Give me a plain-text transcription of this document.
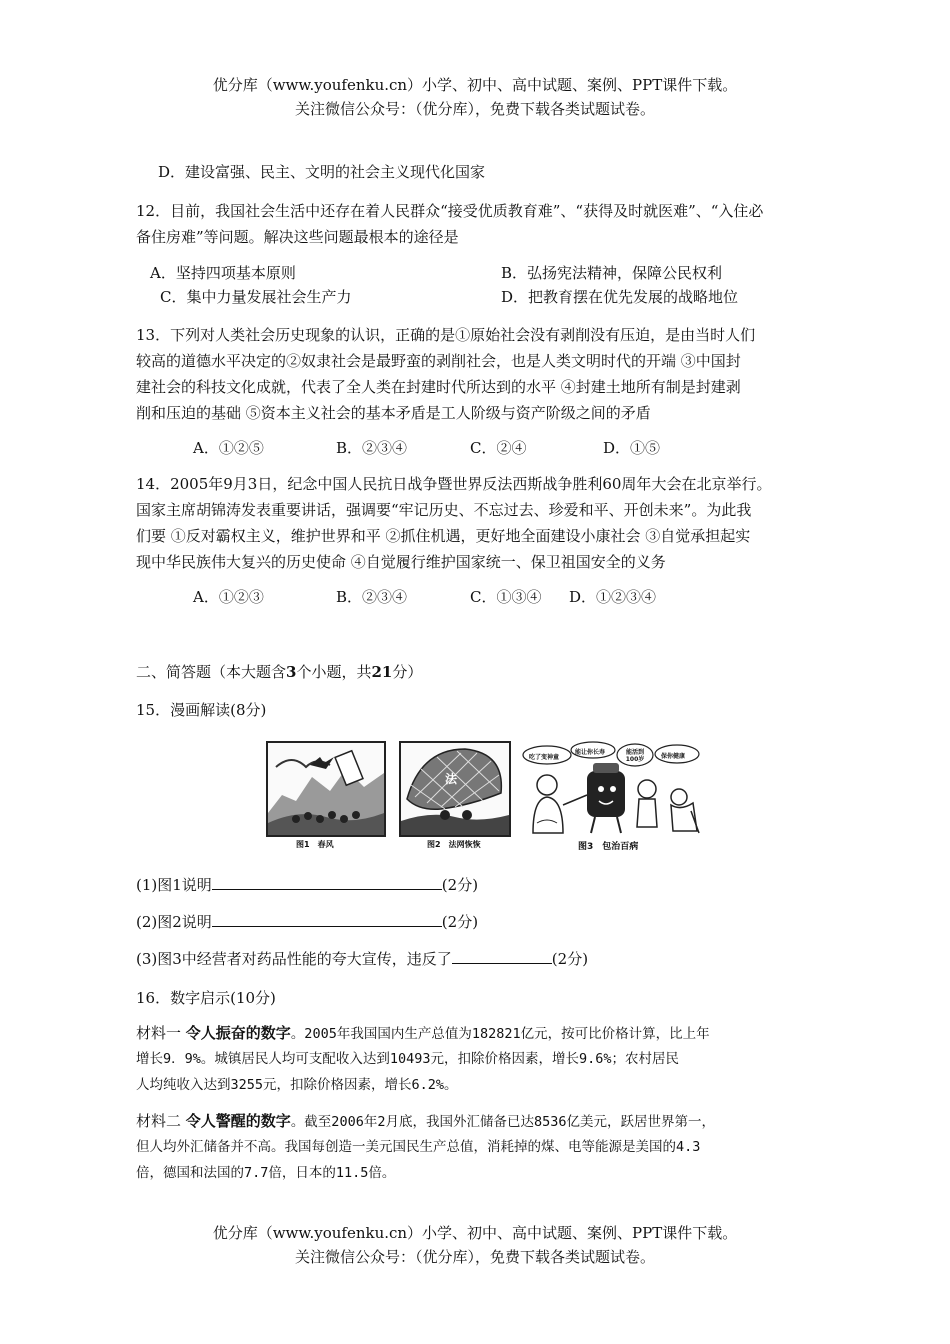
优分库（www.youfenku.cn）小学、初中、高中试题、案例、PPT课件下载。
关注微信公众号：（优分库），免费下载各类试题试卷。
D．建设富强、民主、文明的社会主义现代化国家
12．目前，我国社会生活中还存在着人民群众“接受优质教育难”、“获得及时就医难”、“入住必
备住房难”等问题。解决这些问题最根本的途径是
A．坚持四项基本原则	B．弘扬宪法精神，保障公民权利
C．集中力量发展社会生产力	D．把教育摆在优先发展的战略地位
13．下列对人类社会历史现象的认识，正确的是①原始社会没有剥削没有压迫，是由当时人们
较高的道德水平决定的②奴隶社会是最野蛮的剥削社会，也是人类文明时代的开端 ③中国封
建社会的科技文化成就，代表了全人类在封建时代所达到的水平 ④封建土地所有制是封建剥
削和压迫的基础 ⑤资本主义社会的基本矛盾是工人阶级与资产阶级之间的矛盾
A．①②⑤	B．②③④	C．②④	D．①⑤
14．2005年9月3日，纪念中国人民抗日战争暨世界反法西斯战争胜利60周年大会在北京举行。
国家主席胡锦涛发表重要讲话，强调要“牢记历史、不忘过去、珍爱和平、开创未来”。为此我
们要 ①反对霸权主义，维护世界和平 ②抓住机遇，更好地全面建设小康社会 ③自觉承担起实
现中华民族伟大复兴的历史使命 ④自觉履行维护国家统一、保卫祖国安全的义务
A．①②③	B．②③④	C．①③④ D．①②③④
二、简答题（本大题含3个小题，共21分）
15．漫画解读(8分)
图1　春风
法
图2　法网恢恢
吃了变神童
能让你长寿	能活到100岁	保你健康
图3　包治百病
(1)图1说明	(2分)
(2)图2说明	(2分)
(3)图3中经营者对药品性能的夸大宣传，违反了	(2分)
16．数字启示(10分)
材料一 令人振奋的数字。2005年我国国内生产总值为182821亿元，按可比价格计算，比上年
增长9．9%。城镇居民人均可支配收入达到10493元，扣除价格因素，增长9.6%；农村居民
人均纯收入达到3255元，扣除价格因素，增长6.2%。
材料二 令人警醒的数字。截至2006年2月底，我国外汇储备已达8536亿美元，跃居世界第一，
但人均外汇储备并不高。我国每创造一美元国民生产总值，消耗掉的煤、电等能源是美国的4.3
倍，德国和法国的7.7倍，日本的11.5倍。
优分库（www.youfenku.cn）小学、初中、高中试题、案例、PPT课件下载。
关注微信公众号：（优分库），免费下载各类试题试卷。
